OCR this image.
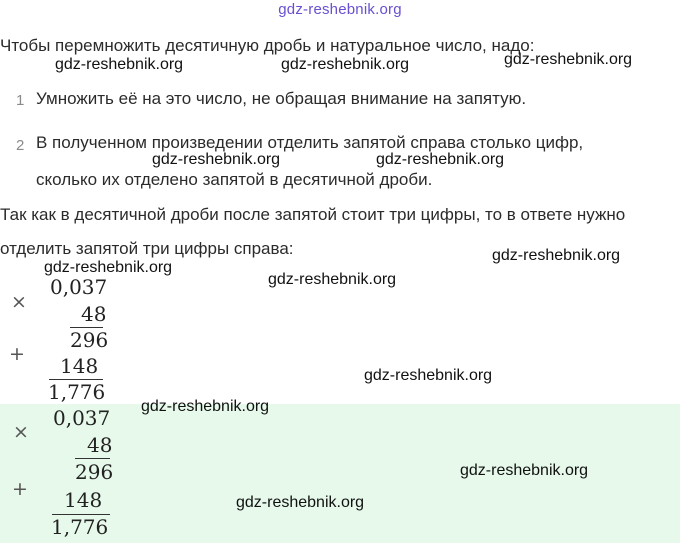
gdz-reshebnik.org
Чтобы перемножить десятичную дробь и натуральное число, надо:
gdz-reshebnik.org	gdz-reshebnik.org	gdz-reshebnik.org
1 Умножить её на это число, не обращая внимание на запятую.
2 В полученном произведении отделить запятой справа столько цифр,
gdz-reshebnik.org	gdz-reshebnik.org
сколько их отделено запятой в десятичной дроби.
Так как в десятичной дроби после запятой стоит три цифры, то в ответе нужно
отделить запятой три цифры справа:	gdz-reshebnik.org
gdz-reshebnik.org
gdz-reshebnik.org
0,037
×	48
296
+ 148
1,776
gdz-reshebnik.org
0,037
×
48
296
+ 148
1,776
gdz-reshebnik.org
gdz-reshebnik.org
gdz-reshebnik.org
